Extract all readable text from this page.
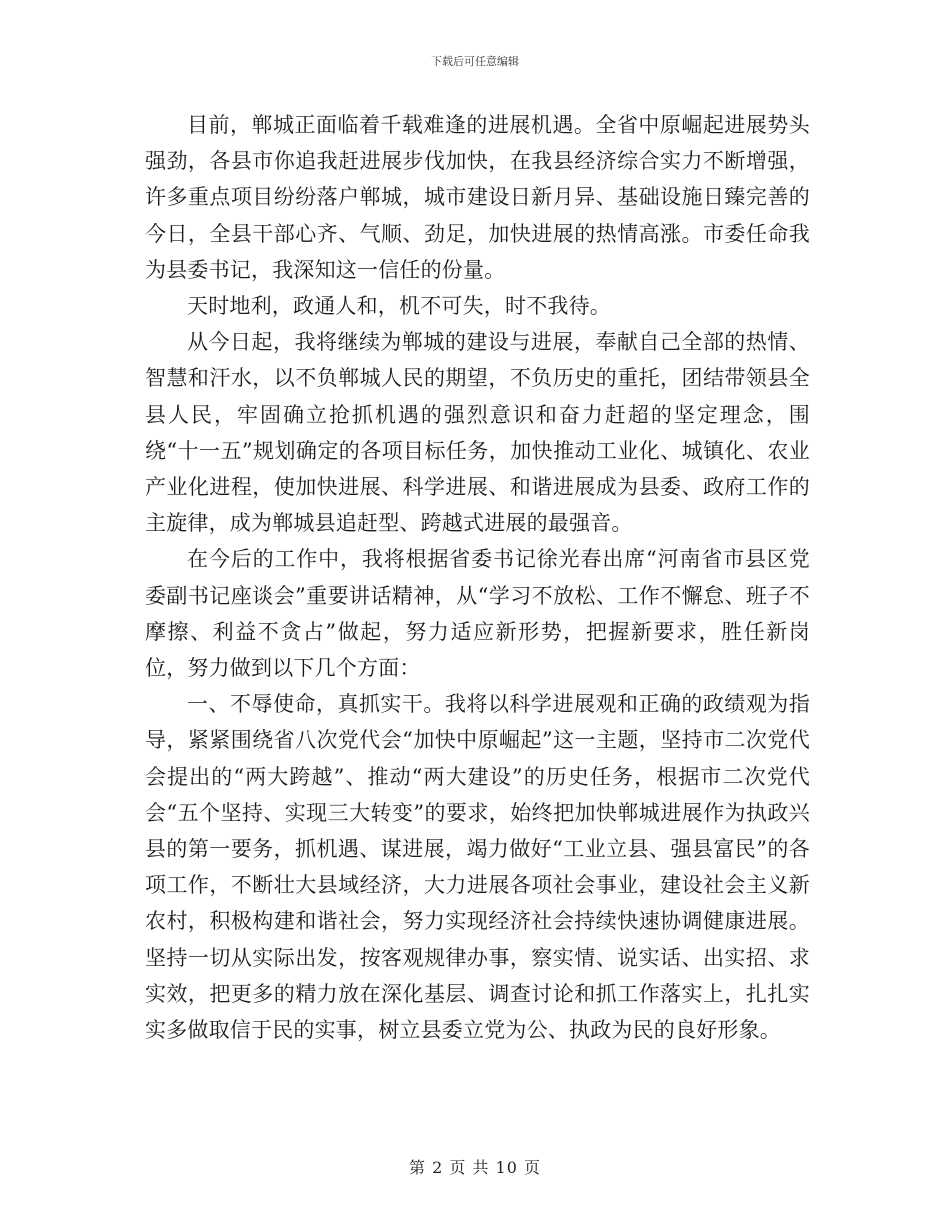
下载后可任意编辑

目前，郸城正面临着千载难逢的进展机遇。全省中原崛起进展势头强劲，各县市你追我赶进展步伐加快，在我县经济综合实力不断增强，许多重点项目纷纷落户郸城，城市建设日新月异、基础设施日臻完善的今日，全县干部心齐、气顺、劲足，加快进展的热情高涨。市委任命我为县委书记，我深知这一信任的份量。

天时地利，政通人和，机不可失，时不我待。

从今日起，我将继续为郸城的建设与进展，奉献自己全部的热情、智慧和汗水，以不负郸城人民的期望，不负历史的重托，团结带领县全县人民，牢固确立抢抓机遇的强烈意识和奋力赶超的坚定理念，围绕“十一五”规划确定的各项目标任务，加快推动工业化、城镇化、农业产业化进程，使加快进展、科学进展、和谐进展成为县委、政府工作的主旋律，成为郸城县追赶型、跨越式进展的最强音。

在今后的工作中，我将根据省委书记徐光春出席“河南省市县区党委副书记座谈会”重要讲话精神，从“学习不放松、工作不懈怠、班子不摩擦、利益不贪占”做起，努力适应新形势，把握新要求，胜任新岗位，努力做到以下几个方面：

一、不辱使命，真抓实干。我将以科学进展观和正确的政绩观为指导，紧紧围绕省八次党代会“加快中原崛起”这一主题，坚持市二次党代会提出的“两大跨越”、推动“两大建设”的历史任务，根据市二次党代会“五个坚持、实现三大转变”的要求，始终把加快郸城进展作为执政兴县的第一要务，抓机遇、谋进展，竭力做好“工业立县、强县富民”的各项工作，不断壮大县域经济，大力进展各项社会事业，建设社会主义新农村，积极构建和谐社会，努力实现经济社会持续快速协调健康进展。坚持一切从实际出发，按客观规律办事，察实情、说实话、出实招、求实效，把更多的精力放在深化基层、调查讨论和抓工作落实上，扎扎实实多做取信于民的实事，树立县委立党为公、执政为民的良好形象。

第 2 页 共 10 页
